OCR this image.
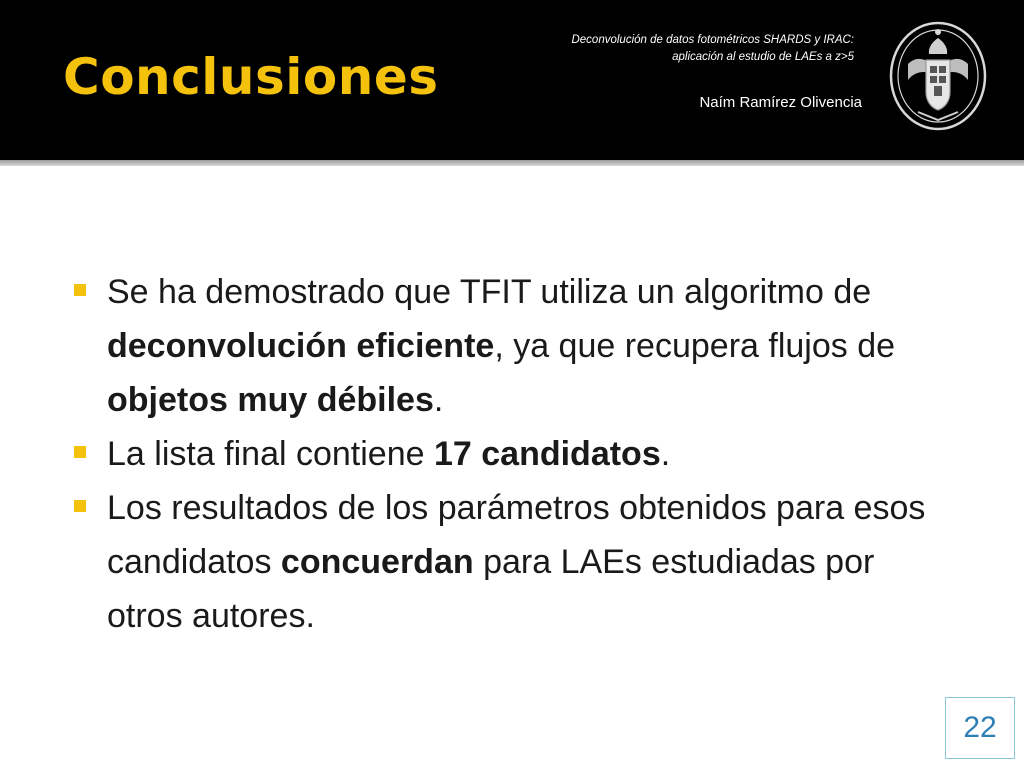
Conclusiones
Deconvolución de datos fotométricos SHARDS y IRAC:
aplicación al estudio de LAEs a z>5
Naím Ramírez Olivencia
Se ha demostrado que TFIT utiliza un algoritmo de deconvolución eficiente, ya que recupera flujos de objetos muy débiles.
La lista final contiene 17 candidatos.
Los resultados de los parámetros obtenidos para esos candidatos concuerdan para LAEs estudiadas por otros autores.
22
